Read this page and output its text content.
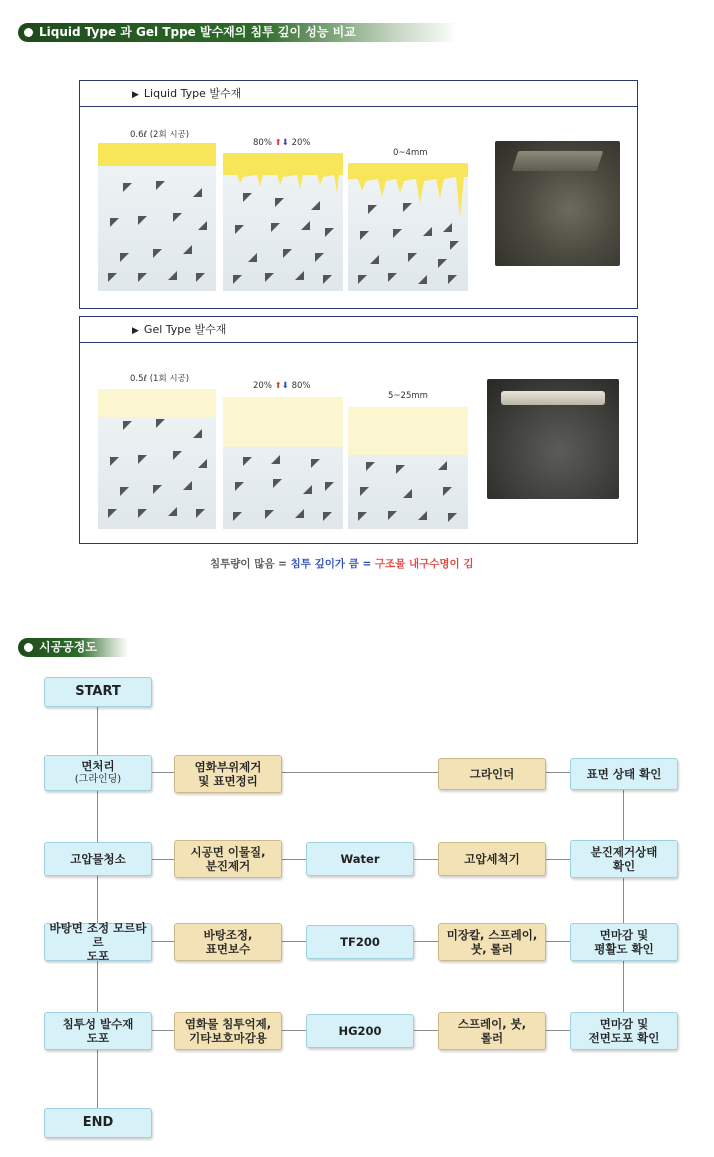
Liquid Type 과 Gel Tppe 발수재의 침투 깊이 성능 비교
▶ Liquid Type 발수재
0.6ℓ (2회 시공)
80% ⬆⬇ 20%
0~4mm
▶ Gel Type 발수재
0.5ℓ (1회 시공)
20% ⬆⬇ 80%
5~25mm
침투량이 많음 = 침투 깊이가 큼 = 구조물 내구수명이 김
시공공정도
START
면처리
(그라인딩)
고압물청소
바탕면 조정 모르타르
도포
침투성 발수재
도포
END
염화부위제거
및 표면정리
시공면 이물질,
분진제거
바탕조정,
표면보수
염화물 침투억제,
기타보호마감용
Water
TF200
HG200
그라인더
고압세척기
미장칼, 스프레이,
붓, 롤러
스프레이, 붓,
롤러
표면 상태 확인
분진제거상태
확인
면마감 및
평활도 확인
면마감 및
전면도포 확인
